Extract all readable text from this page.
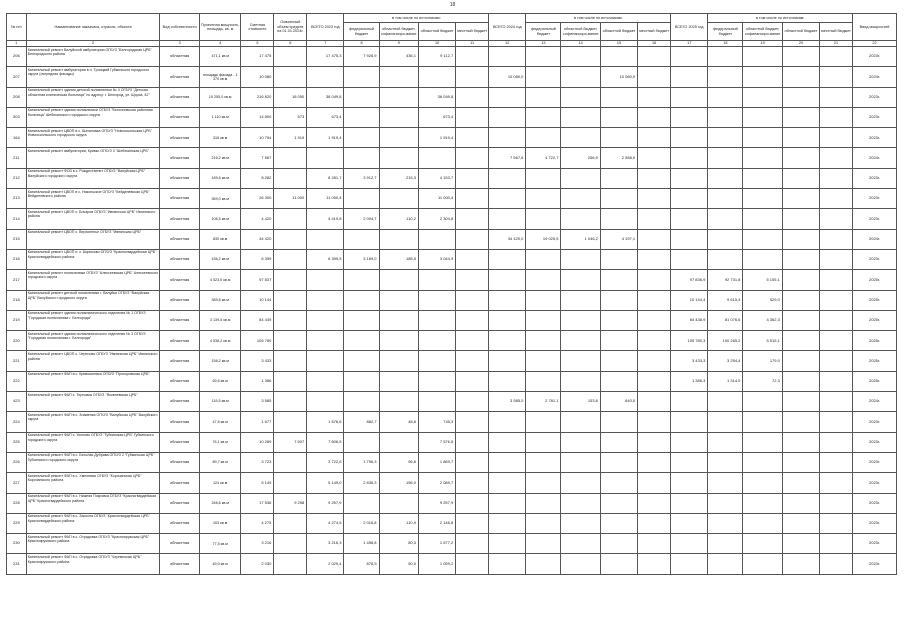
18
№ п/п	Наименование заказчика, отрасли, объекта	Вид собственности	Проектная мощность, площадь, кв. м	Сметная стоимость	Освоенный объем средств на 01.01.2024г.	ВСЕГО 2023 год	в том числе по источникам:				ВСЕГО 2024 год	в том числе по источникам:				ВСЕГО 2025 год	в том числе по источникам:				Ввод мощностей
							федеральный бюджет	областной бюджет, софинансиро-вание	областной бюджет	местный бюджет		федеральный бюджет	областной бюджет, софинансиро-вание	областной бюджет	местный бюджет		федеральный бюджет	областной бюджет, софинансиро-вание	областной бюджет	местный бюджет	
1	2	3	4	5	6	7	8	9	10	11	12	13	14	15	16	17	18	19	20	21	22
206	Капитальный ремонт Валуйской амбулатории ОГБУЗ "Белгородская ЦРБ" Белгородского района	областная	471,1 кв.м	17 475		17 475,3	7 926,9	436,1	9 112,7												2023г.
207	Капитальный ремонт амбулатории в п. Троицкий Губкинского городского округа (очередная фасады)	областная	площадь фасада - 1 370 кв.м	10 080							10 080,0			10 080,0							2024г.
208	Капитальный ремонт здания детской поликлиники № 4 ОГБУЗ "Детская областная клиническая больница" по адресу: г. Белгород, ул. Щорса, 42"	областная	10 255,0 кв.м	216 820	18 050	38 049,8			36 049,8												2023г.
303	Капитальный ремонт здания поликлиники ОГБУЗ "Бессоновская районная больница" Шебекинского городского округа	областная	1 110 кв.м	14 800	573	673,4			673,4												2023г.
164	Капитальный ремонт ЦВОП в с. Шаталовка ОГБУЗ "Новооскольская ЦРБ" Новооскольского городского округа	областная	316 кв.м	10 794	1 919	1 919,4			1 919,4												2023г.
211	Капитальный ремонт амбулатории, Кривко ОГБУЗ 3 "Шебекинская ЦРБ"	областная	216,2 кв.м	7 567							7 567,6	4 722,7	256,9	2 588,0							2024г.
212	Капитальный ремонт ФСВ в с. Рождественит ОГБУЗ "Валуйская ЦРБ" Валуйского городского округа	областная	189,6 кв.м	8 282		8 281,7	3 912,7	215,3	4 153,7												2023г.
213	Капитальный ремонт ЦВОП в с. Никольское ОГБУЗ "Вейделевская ЦРБ" Вейделевского района	областная	369,0 кв.м	26 300	11 000	11 000,4			11 000,4												2023г.
214	Капитальный ремонт ЦВОП с. Бочаров ОГБУЗ "Ивнянская ЦРБ" Ивнянского района	областная	106,5 кв.м	4 420		4 419,8	2 004,7	110,2	2 304,8												2023г.
215	Капитальный ремонт ЦВОП с. Верхопенье ОГБУЗ "Ивнянская ЦРБ"	областная	830 кв.м	34 420							34 420,0	19 025,5	1 046,2	4 197,1							2024г.
216	Капитальный ремонт ЦВОП п. с. Бирюково ОГБУЗ "Красногвардейская ЦРБ" Красногвардейского района	областная	156,2 кв.м	6 399		6 399,5	3 169,0	185,5	3 044,9												2023г.
217	Капитальный ремонт поликлиники ОГБУЗ "Алексеевская ЦРБ" Алексеевского городского округа	областная	4 523,0 кв.м	97 837												97 836,9	92 731,8	5 105,1			2025г.
218	Капитальный ремонт детской поликлиники г. Валуйки ОГБУЗ "Валуйская ЦРБ" Валуйского городского округа	областная	389,8 кв.м	10 144												10 144,4	9 615,4	529,0			2025г.
219	Капитальный ремонт здания поликлинического отделения № 1 ОГБУЗ "Городская поликлиника г. Белгорода"	областная	3 139,5 кв.м	84 439												84 438,9	81 076,6	4 362,3			2025г.
220	Капитальный ремонт здания поликлинического отделения № 3 ОГБУЗ "Городская поликлиника г. Белгорода"	областная	4 538,2 кв.м	105 780												105 780,3	100 265,2	5 515,1			2025г.
221	Капитальный ремонт ЦВОП с. Череново ОГБУЗ "Ивнянская ЦРБ" Ивнянского района	областная	156,2 кв.м	3 433												3 433,3	3 254,4	179,0			2025г.
222	Капитальный ремонт ФАП в с. Кривошеевка ОГБУЗ "Прохоровская ЦРБ"	областная	69,6 кв.м	1 386												1 386,3	1 314,0	72,3			2025г.
423	Капитальный ремонт ФАП с. Терновка ОГБУЗ "Яковлевская ЦРБ"	областная	119,5 кв.м	3 585							3 585,0	2 781,1	153,6	640,0							2024г.
224	Капитальный ремонт ФАП в с. Знаменка ОГБУЗ "Валуйская ЦРБ" Валуйского округа	областная	47,6 кв.м	1 677		1 676,6	882,7	48,6	745,3												2023г.
225	Капитальный ремонт ФАП с. Уколово ОГБУЗ "Губкинская ЦРБ" Губкинского городского округа	областная	76,1 кв.м	10 289	7 607	7 606,5			7 576,5												2023г.
226	Капитальный ремонт ФАП в с. Бесслая Дубрава ОГБУЗ 2 "Губкинская ЦРБ" Губкинского городского округа	областная	89,7 кв.м	3 723		3 722,6	1 756,3	96,6	1 869,7												2023г.
227	Капитальный ремонт ФАП в с. Хмелевая ОГБУЗ "Корочанская ЦРБ" Корочанского района	областная	124 кв.м	5 149		5 149,0	2 836,3	156,0	2 089,7												2023г.
228	Капитальный ремонт ФАП в с. Нижняя Покровка ОГБУЗ "Красногвардейская ЦРБ" Красногвардейского района	областная	248,6 кв.м	17 536	9 258	9 257,9			9 257,9												2023г.
229	Капитальный ремонт ФАП в с. Засосна ОГБУЗ "Красногвардейская ЦРБ" Красногвардейского района	областная	103 кв.м	4 275		4 274,5	2 016,8	110,9	2 146,8												2023г.
230	Капитальный ремонт ФАП в с. Отрадовка ОГБУЗ "Краснояружская ЦРБ" Краснояружского района	областная	77,5 кв.м	3 216		3 216,3	1 458,8	80,3	1 677,2												2023г.
231	Капитальный ремонт ФАП в с. Отрадовка ОГБУЗ "Чернянская ЦРБ" Краснояружского района	областная	49,0 кв.м	2 030		2 029,4	878,5	50,0	1 059,2												2023г.
